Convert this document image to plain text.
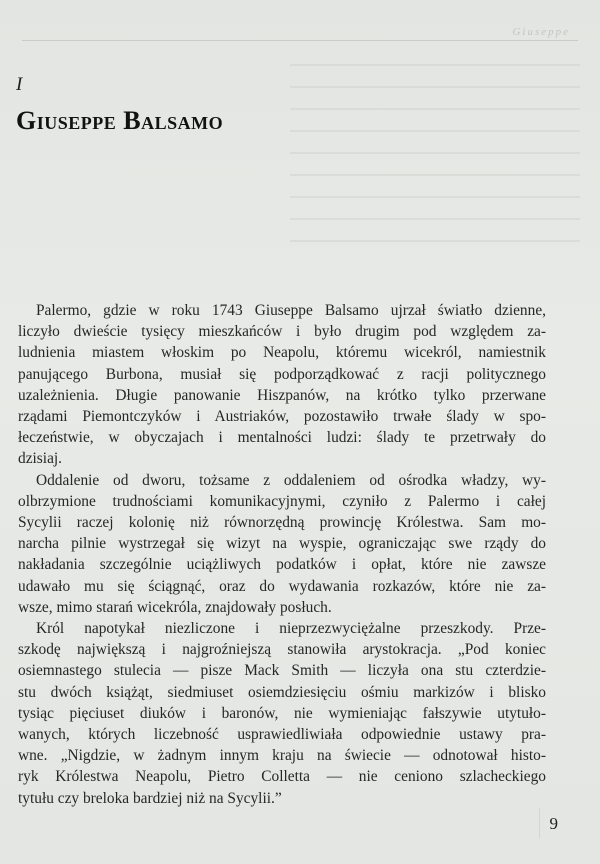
Giuseppe
I
Giuseppe Balsamo

Palermo, gdzie w roku 1743 Giuseppe Balsamo ujrzał światło dzienne,
liczyło dwieście tysięcy mieszkańców i było drugim pod względem za-
ludnienia miastem włoskim po Neapolu, któremu wicekról, namiestnik
panującego Burbona, musiał się podporządkować z racji politycznego
uzależnienia. Długie panowanie Hiszpanów, na krótko tylko przerwane
rządami Piemontczyków i Austriaków, pozostawiło trwałe ślady w spo-
łeczeństwie, w obyczajach i mentalności ludzi: ślady te przetrwały do
dzisiaj.

Oddalenie od dworu, tożsame z oddaleniem od ośrodka władzy, wy-
olbrzymione trudnościami komunikacyjnymi, czyniło z Palermo i całej
Sycylii raczej kolonię niż równorzędną prowincję Królestwa. Sam mo-
narcha pilnie wystrzegał się wizyt na wyspie, ograniczając swe rządy do
nakładania szczególnie uciążliwych podatków i opłat, które nie zawsze
udawało mu się ściągnąć, oraz do wydawania rozkazów, które nie za-
wsze, mimo starań wicekróla, znajdowały posłuch.

Król napotykał niezliczone i nieprzezwyciężalne przeszkody. Prze-
szkodę największą i najgroźniejszą stanowiła arystokracja. „Pod koniec
osiemnastego stulecia — pisze Mack Smith — liczyła ona stu czterdzie-
stu dwóch książąt, siedmiuset osiemdziesięciu ośmiu markizów i blisko
tysiąc pięciuset diuków i baronów, nie wymieniając fałszywie utytuło-
wanych, których liczebność usprawiedliwiała odpowiednie ustawy pra-
wne. „Nigdzie, w żadnym innym kraju na świecie — odnotował histo-
ryk Królestwa Neapolu, Pietro Colletta — nie ceniono szlacheckiego
tytułu czy breloka bardziej niż na Sycylii.”

9
